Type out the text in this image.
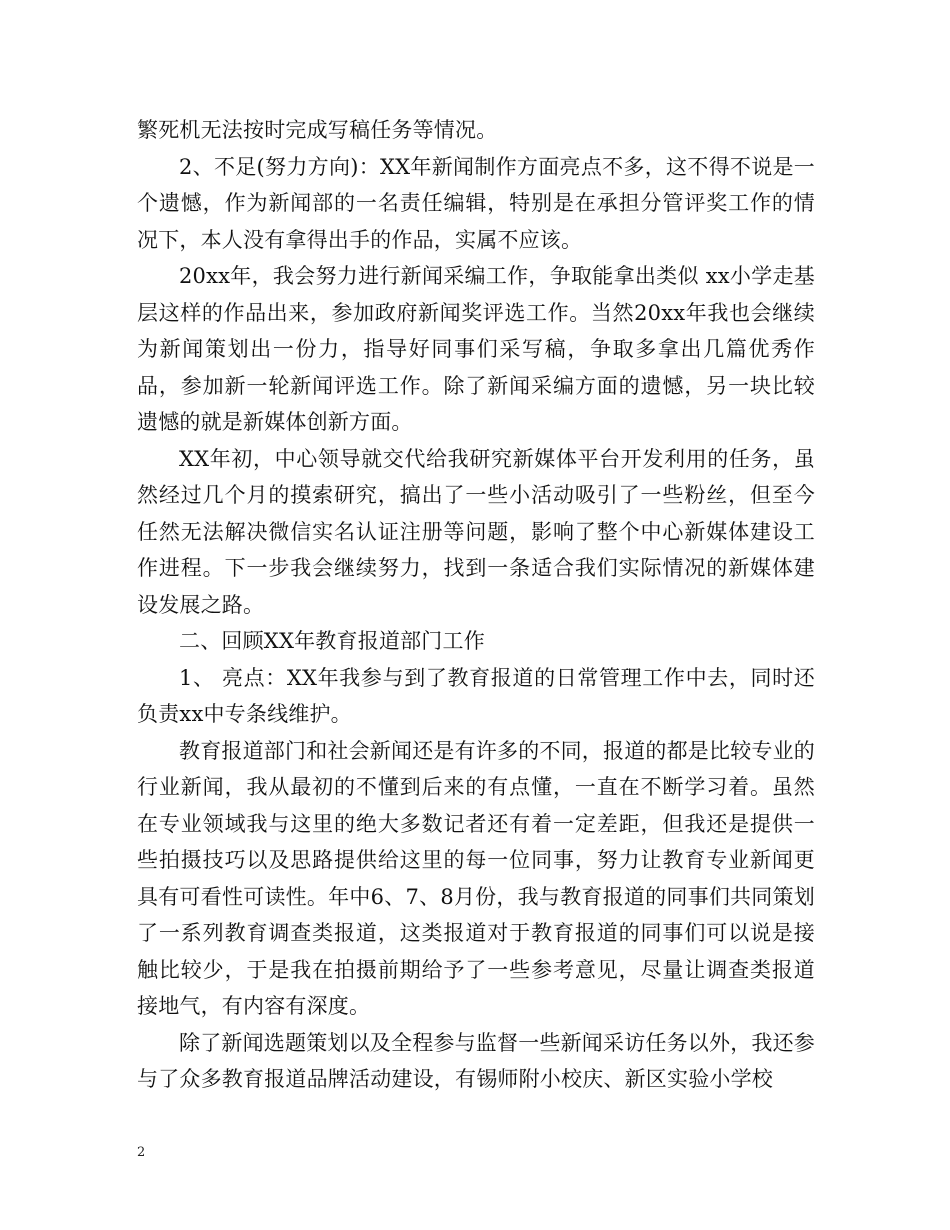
繁死机无法按时完成写稿任务等情况。

2、不足(努力方向)：XX年新闻制作方面亮点不多，这不得不说是一个遗憾，作为新闻部的一名责任编辑，特别是在承担分管评奖工作的情况下，本人没有拿得出手的作品，实属不应该。

20xx年，我会努力进行新闻采编工作，争取能拿出类似 xx小学走基层这样的作品出来，参加政府新闻奖评选工作。当然20xx年我也会继续为新闻策划出一份力，指导好同事们采写稿，争取多拿出几篇优秀作品，参加新一轮新闻评选工作。除了新闻采编方面的遗憾，另一块比较遗憾的就是新媒体创新方面。

XX年初，中心领导就交代给我研究新媒体平台开发利用的任务，虽然经过几个月的摸索研究，搞出了一些小活动吸引了一些粉丝，但至今任然无法解决微信实名认证注册等问题，影响了整个中心新媒体建设工作进程。下一步我会继续努力，找到一条适合我们实际情况的新媒体建设发展之路。

二、回顾XX年教育报道部门工作

1、 亮点：XX年我参与到了教育报道的日常管理工作中去，同时还负责xx中专条线维护。

教育报道部门和社会新闻还是有许多的不同，报道的都是比较专业的行业新闻，我从最初的不懂到后来的有点懂，一直在不断学习着。虽然在专业领域我与这里的绝大多数记者还有着一定差距，但我还是提供一些拍摄技巧以及思路提供给这里的每一位同事，努力让教育专业新闻更具有可看性可读性。年中6、7、8月份，我与教育报道的同事们共同策划了一系列教育调查类报道，这类报道对于教育报道的同事们可以说是接触比较少，于是我在拍摄前期给予了一些参考意见，尽量让调查类报道接地气，有内容有深度。

除了新闻选题策划以及全程参与监督一些新闻采访任务以外，我还参与了众多教育报道品牌活动建设，有锡师附小校庆、新区实验小学校

2
